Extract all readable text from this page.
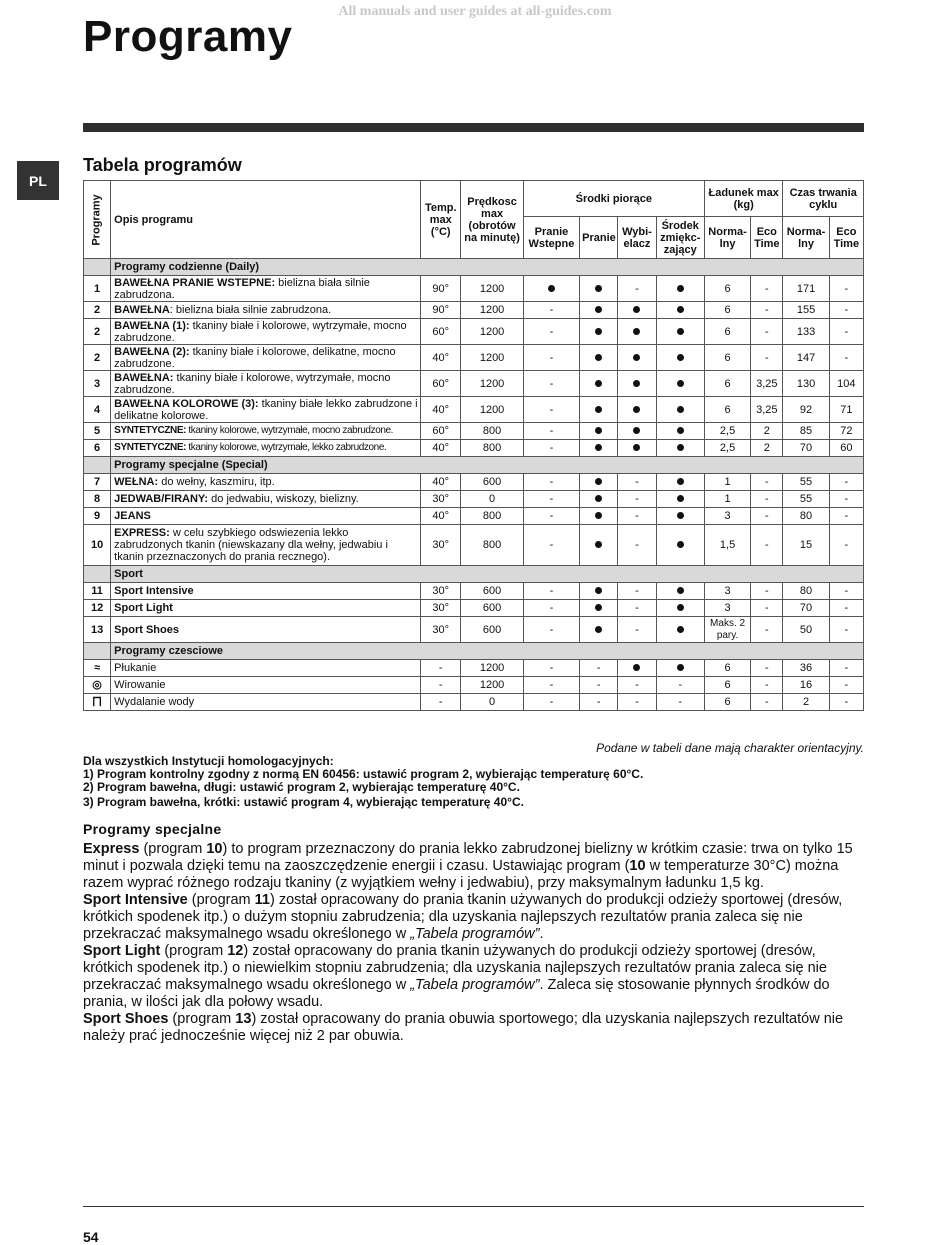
All manuals and user guides at all-guides.com
Programy
PL
Tabela programów
Programy	Opis programu	Temp. max (°C)	Prędkosc max (obrotów na minutę)	Środki piorące				Ładunek max (kg)		Czas trwania cyklu	
				Pranie Wstepne	Pranie	Wybi-elacz	Środek zmiękc-zający	Norma-lny	Eco Time	Norma-lny	Eco Time
	Programy codzienne (Daily)										
1	BAWEŁNA PRANIE WSTEPNE: bielizna biała silnie zabrudzona.	90°	1200			-		6	-	171	-
2	BAWEŁNA: bielizna biała silnie zabrudzona.	90°	1200	-				6	-	155	-
2	BAWEŁNA (1): tkaniny białe i kolorowe, wytrzymałe, mocno zabrudzone.	60°	1200	-				6	-	133	-
2	BAWEŁNA (2): tkaniny białe i kolorowe, delikatne, mocno zabrudzone.	40°	1200	-				6	-	147	-
3	BAWEŁNA: tkaniny białe i kolorowe, wytrzymałe, mocno zabrudzone.	60°	1200	-				6	3,25	130	104
4	BAWEŁNA KOLOROWE (3): tkaniny białe lekko zabrudzone i delikatne kolorowe.	40°	1200	-				6	3,25	92	71
5	SYNTETYCZNE: tkaniny kolorowe, wytrzymałe, mocno zabrudzone.	60°	800	-				2,5	2	85	72
6	SYNTETYCZNE: tkaniny kolorowe, wytrzymałe, lekko zabrudzone.	40°	800	-				2,5	2	70	60
	Programy specjalne (Special)										
7	WEŁNA: do wełny, kaszmiru, itp.	40°	600	-		-		1	-	55	-
8	JEDWAB/FIRANY: do jedwabiu, wiskozy, bielizny.	30°	0	-		-		1	-	55	-
9	JEANS	40°	800	-		-		3	-	80	-
10	EXPRESS: w celu szybkiego odswiezenia lekko zabrudzonych tkanin (niewskazany dla wełny, jedwabiu i tkanin przeznaczonych do prania recznego).	30°	800	-		-		1,5	-	15	-
	Sport										
11	Sport Intensive	30°	600	-		-		3	-	80	-
12	Sport Light	30°	600	-		-		3	-	70	-
13	Sport Shoes	30°	600	-		-		Maks. 2 pary.	-	50	-
	Programy czesciowe										
≈	Płukanie	-	1200	-	-			6	-	36	-
◎	Wirowanie	-	1200	-	-	-	-	6	-	16	-
⨅	Wydalanie wody	-	0	-	-	-	-	6	-	2	-
Podane w tabeli dane mają charakter orientacyjny.
Dla wszystkich Instytucji homologacyjnych:
1) Program kontrolny zgodny z normą EN 60456: ustawić program 2, wybierając temperaturę 60°C.
2) Program bawełna, długi: ustawić program 2, wybierając temperaturę 40°C.
3) Program bawełna, krótki: ustawić program 4, wybierając temperaturę 40°C.
Programy specjalne

Express (program 10) to program przeznaczony do prania lekko zabrudzonej bielizny w krótkim czasie: trwa on tylko 15 minut i pozwala dzięki temu na zaoszczędzenie energii i czasu. Ustawiając program (10 w temperaturze 30°C) można razem wyprać różnego rodzaju tkaniny (z wyjątkiem wełny i jedwabiu), przy maksymalnym ładunku 1,5 kg.

Sport Intensive (program 11) został opracowany do prania tkanin używanych do produkcji odzieży sportowej (dresów, krótkich spodenek itp.) o dużym stopniu zabrudzenia; dla uzyskania najlepszych rezultatów prania zaleca się nie przekraczać maksymalnego wsadu określonego w „Tabela programów”.

Sport Light (program 12) został opracowany do prania tkanin używanych do produkcji odzieży sportowej (dresów, krótkich spodenek itp.) o niewielkim stopniu zabrudzenia; dla uzyskania najlepszych rezultatów prania zaleca się nie przekraczać maksymalnego wsadu określonego w „Tabela programów”. Zaleca się stosowanie płynnych środków do prania, w ilości jak dla połowy wsadu.

Sport Shoes (program 13) został opracowany do prania obuwia sportowego; dla uzyskania najlepszych rezultatów nie należy prać jednocześnie więcej niż 2 par obuwia.

54
